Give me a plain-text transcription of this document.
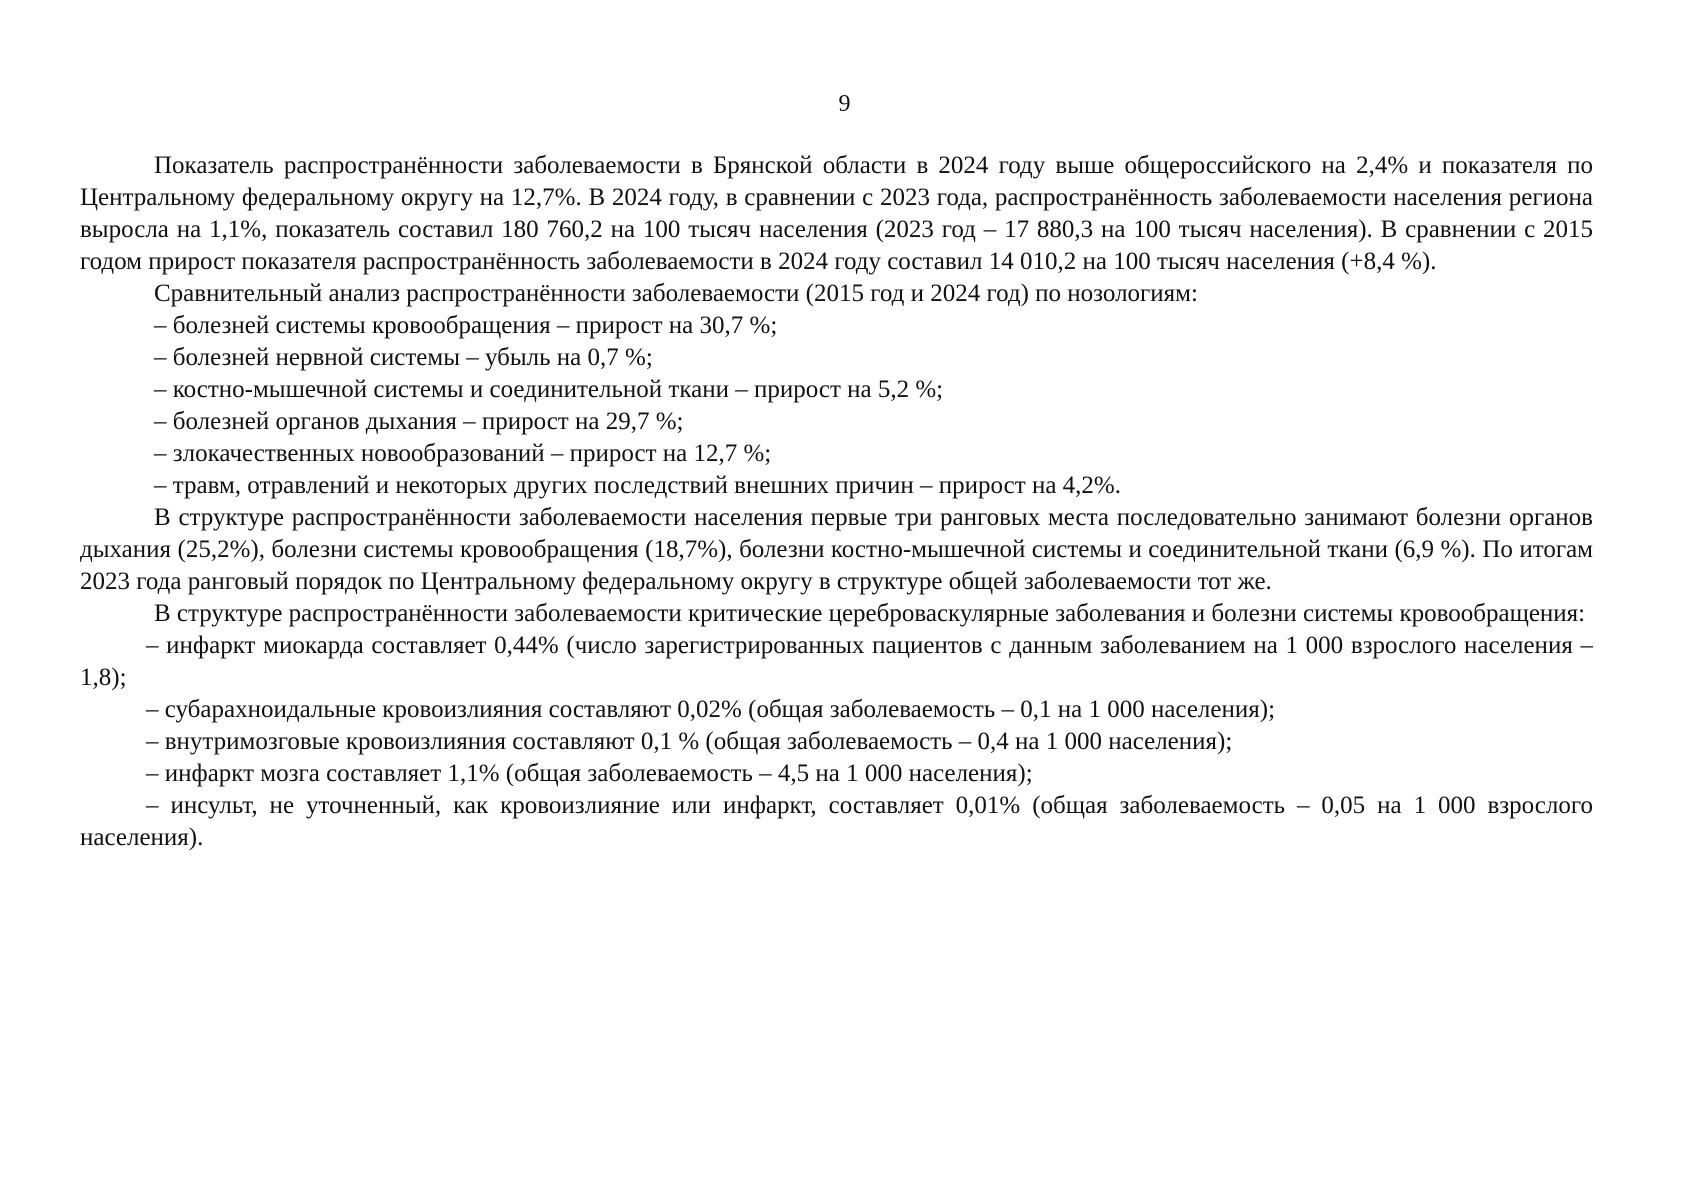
9

Показатель распространённости заболеваемости в Брянской области в 2024 году выше общероссийского на 2,4% и показателя по Центральному федеральному округу на 12,7%. В 2024 году, в сравнении с 2023 года, распространённость заболеваемости населения региона выросла на 1,1%, показатель составил 180 760,2 на 100 тысяч населения (2023 год – 17 880,3 на 100 тысяч населения). В сравнении с 2015 годом прирост показателя распространённость заболеваемости в 2024 году составил 14 010,2 на 100 тысяч населения (+8,4 %).

Сравнительный анализ распространённости заболеваемости (2015 год и 2024 год) по нозологиям:

– болезней системы кровообращения – прирост на 30,7 %;

– болезней нервной системы – убыль на 0,7 %;

– костно-мышечной системы и соединительной ткани – прирост на 5,2 %;

– болезней органов дыхания – прирост на 29,7 %;

– злокачественных новообразований – прирост на 12,7 %;

– травм, отравлений и некоторых других последствий внешних причин – прирост на 4,2%.

В структуре распространённости заболеваемости населения первые три ранговых места последовательно занимают болезни органов дыхания (25,2%), болезни системы кровообращения (18,7%), болезни костно-мышечной системы и соединительной ткани (6,9 %). По итогам 2023 года ранговый порядок по Центральному федеральному округу в структуре общей заболеваемости тот же.

В структуре распространённости заболеваемости критические цереброваскулярные заболевания и болезни системы кровообращения:

– инфаркт миокарда составляет 0,44% (число зарегистрированных пациентов с данным заболеванием на 1 000 взрослого населения – 1,8);

– субарахноидальные кровоизлияния составляют 0,02% (общая заболеваемость – 0,1 на 1 000 населения);

– внутримозговые кровоизлияния составляют 0,1 % (общая заболеваемость – 0,4 на 1 000 населения);

– инфаркт мозга составляет 1,1% (общая заболеваемость – 4,5 на 1 000 населения);

– инсульт, не уточненный, как кровоизлияние или инфаркт, составляет 0,01% (общая заболеваемость – 0,05 на 1 000 взрослого населения).
